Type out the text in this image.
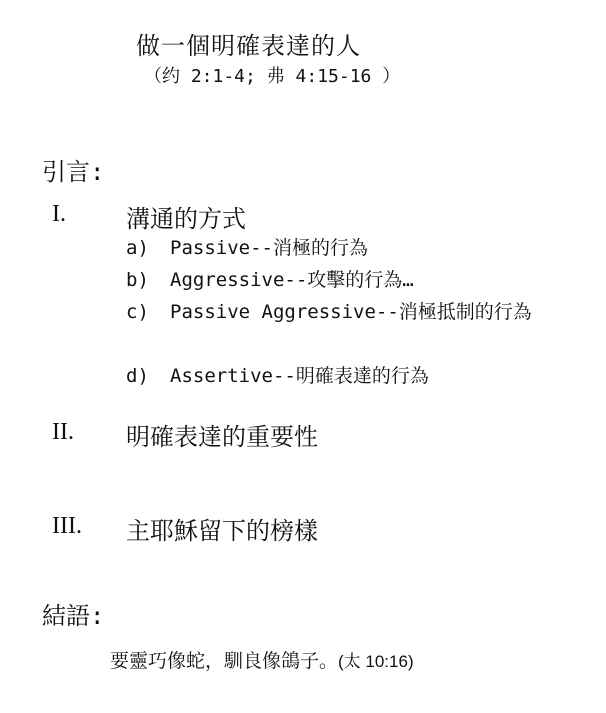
做一個明確表達的人
（约 2:1-4; 弗 4:15-16 ）
引言:
I.	溝通的方式
a) Passive--消極的行為
b) Aggressive--攻擊的行為…
c) Passive Aggressive--消極抵制的行為
d) Assertive--明確表達的行為
II. 明確表達的重要性
III. 主耶穌留下的榜樣
結語:
要靈巧像蛇，馴良像鴿子。(太 10:16)
